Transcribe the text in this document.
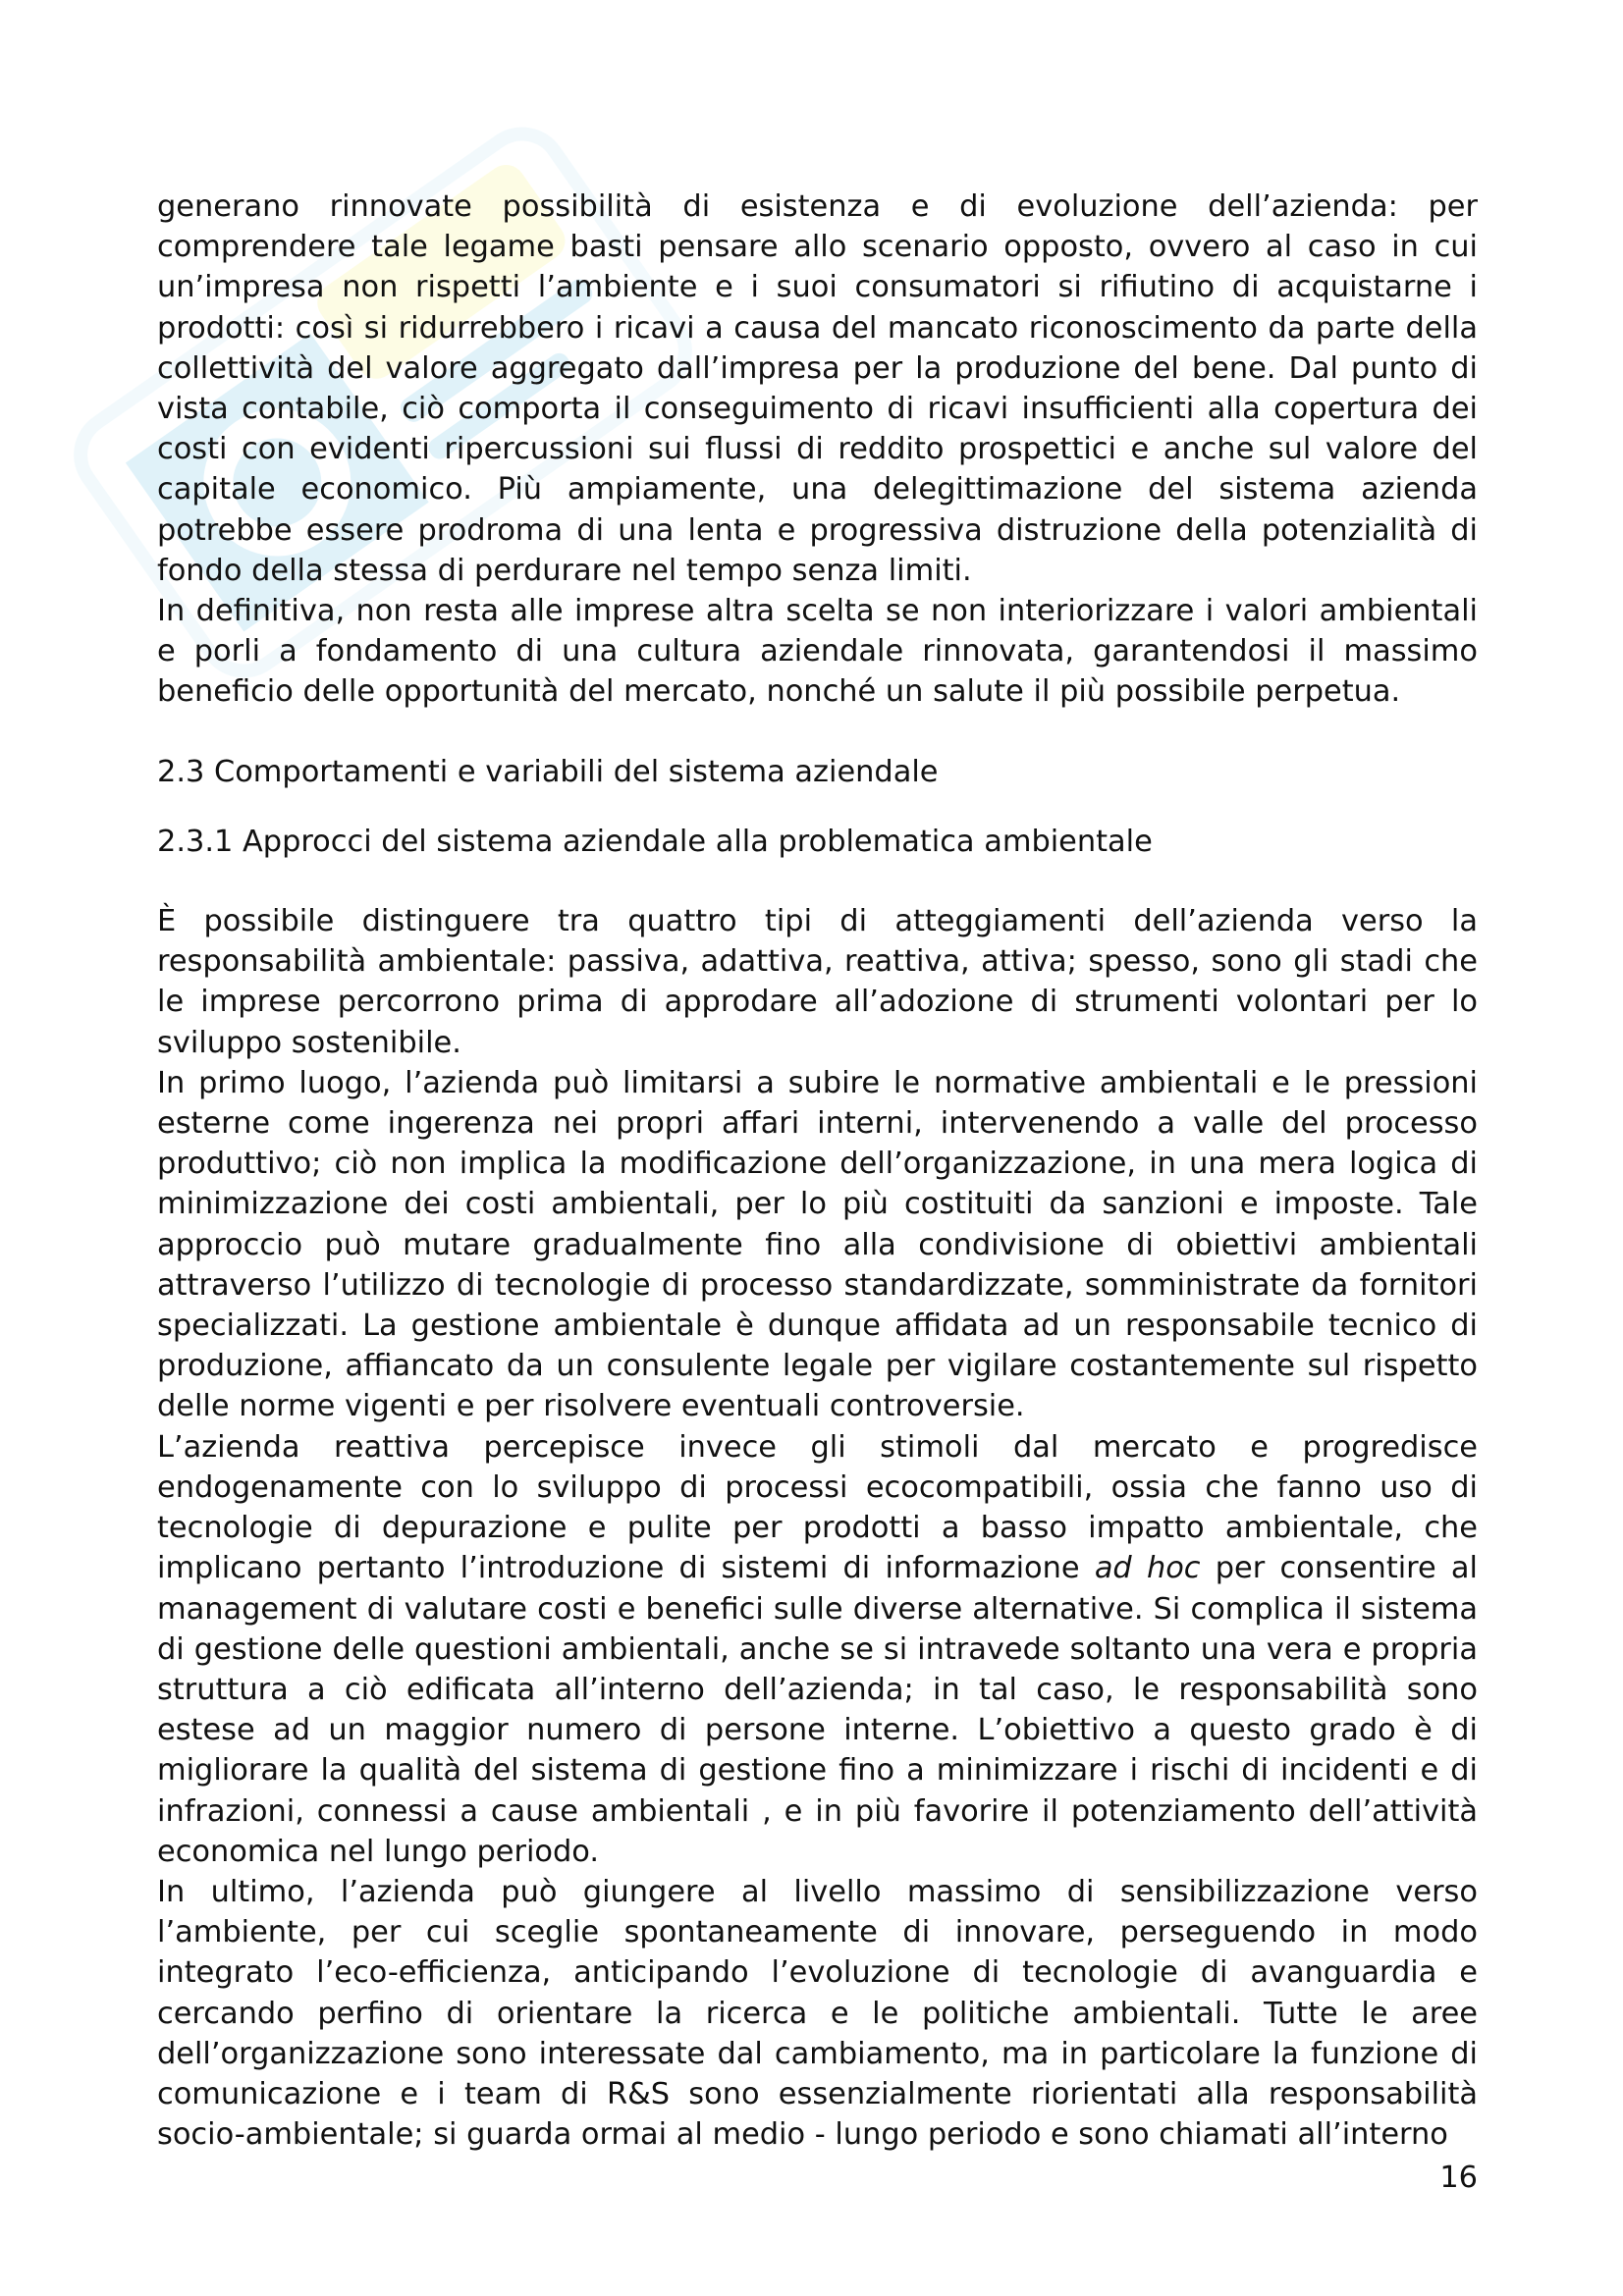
generano rinnovate possibilità di esistenza e di evoluzione dell’azienda: per comprendere tale legame basti pensare allo scenario opposto, ovvero al caso in cui un’impresa non rispetti l’ambiente e i suoi consumatori si rifiutino di acquistarne i prodotti: così si ridurrebbero i ricavi a causa del mancato riconoscimento da parte della collettività del valore aggregato dall’impresa per la produzione del bene. Dal punto di vista contabile, ciò comporta il conseguimento di ricavi insufficienti alla copertura dei costi con evidenti ripercussioni sui flussi di reddito prospettici e anche sul valore del capitale economico. Più ampiamente, una delegittimazione del sistema azienda potrebbe essere prodroma di una lenta e progressiva distruzione della potenzialità di fondo della stessa di perdurare nel tempo senza limiti.

In definitiva, non resta alle imprese altra scelta se non interiorizzare i valori ambientali e porli a fondamento di una cultura aziendale rinnovata, garantendosi il massimo beneficio delle opportunità del mercato, nonché un salute il più possibile perpetua.

2.3 Comportamenti e variabili del sistema aziendale

2.3.1 Approcci del sistema aziendale alla problematica ambientale

È possibile distinguere tra quattro tipi di atteggiamenti dell’azienda verso la responsabilità ambientale: passiva, adattiva, reattiva, attiva; spesso, sono gli stadi che le imprese percorrono prima di approdare all’adozione di strumenti volontari per lo sviluppo sostenibile.

In primo luogo, l’azienda può limitarsi a subire le normative ambientali e le pressioni esterne come ingerenza nei propri affari interni, intervenendo a valle del processo produttivo; ciò non implica la modificazione dell’organizzazione, in una mera logica di minimizzazione dei costi ambientali, per lo più costituiti da sanzioni e imposte. Tale approccio può mutare gradualmente fino alla condivisione di obiettivi ambientali attraverso l’utilizzo di tecnologie di processo standardizzate, somministrate da fornitori specializzati. La gestione ambientale è dunque affidata ad un responsabile tecnico di produzione, affiancato da un consulente legale per vigilare costantemente sul rispetto delle norme vigenti e per risolvere eventuali controversie.

L’azienda reattiva percepisce invece gli stimoli dal mercato e progredisce endogenamente con lo sviluppo di processi ecocompatibili, ossia che fanno uso di tecnologie di depurazione e pulite per prodotti a basso impatto ambientale, che implicano pertanto l’introduzione di sistemi di informazione ad hoc per consentire al management di valutare costi e benefici sulle diverse alternative. Si complica il sistema di gestione delle questioni ambientali, anche se si intravede soltanto una vera e propria struttura a ciò edificata all’interno dell’azienda; in tal caso, le responsabilità sono estese ad un maggior numero di persone interne. L’obiettivo a questo grado è di migliorare la qualità del sistema di gestione fino a minimizzare i rischi di incidenti e di infrazioni, connessi a cause ambientali , e in più favorire il potenziamento dell’attività economica nel lungo periodo.

In ultimo, l’azienda può giungere al livello massimo di sensibilizzazione verso l’ambiente, per cui sceglie spontaneamente di innovare, perseguendo in modo integrato l’eco-efficienza, anticipando l’evoluzione di tecnologie di avanguardia e cercando perfino di orientare la ricerca e le politiche ambientali. Tutte le aree dell’organizzazione sono interessate dal cambiamento, ma in particolare la funzione di comunicazione e i team di R&S sono essenzialmente riorientati alla responsabilità socio-ambientale; si guarda ormai al medio - lungo periodo e sono chiamati all’interno

16
